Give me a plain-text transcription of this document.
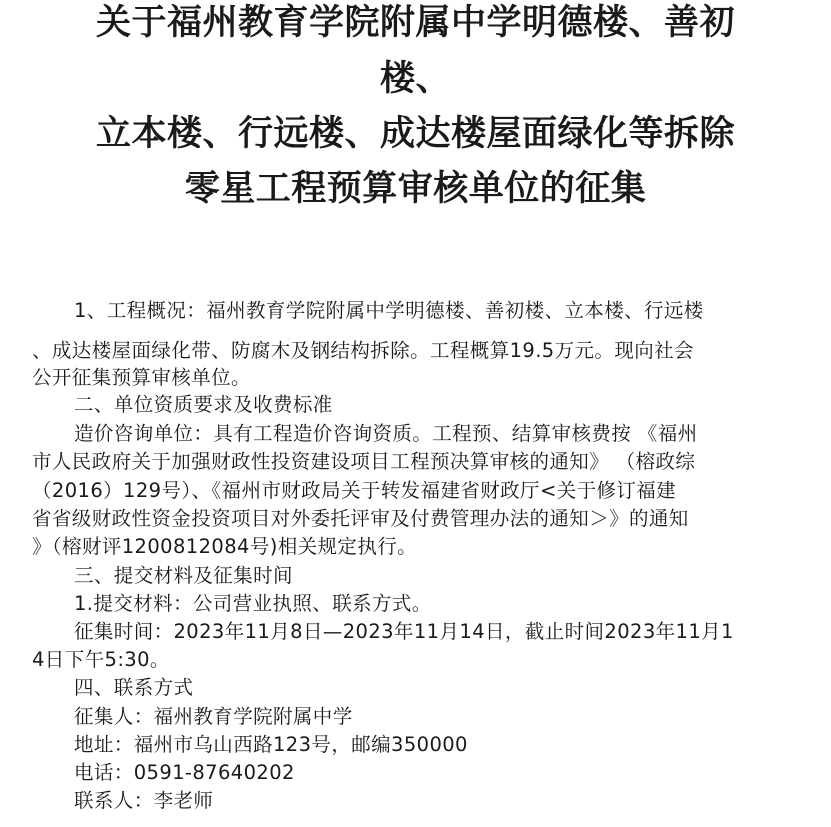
关于福州教育学院附属中学明德楼、善初
楼、
立本楼、行远楼、成达楼屋面绿化等拆除
零星工程预算审核单位的征集
1、工程概况：福州教育学院附属中学明德楼、善初楼、立本楼、行远楼
、成达楼屋面绿化带、防腐木及钢结构拆除。工程概算19.5万元。现向社会
公开征集预算审核单位。
二、单位资质要求及收费标准
造价咨询单位：具有工程造价咨询资质。工程预、结算审核费按 《福州
市人民政府关于加强财政性投资建设项目工程预决算审核的通知》 （榕政综
（2016）129号）、《福州市财政局关于转发福建省财政厅<关于修订福建
省省级财政性资金投资项目对外委托评审及付费管理办法的通知＞》的通知
》（榕财评1200812084号)相关规定执行。
三、提交材料及征集时间
1.提交材料：公司营业执照、联系方式。
征集时间：2023年11月8日—2023年11月14日，截止时间2023年11月1
4日下午5:30。
四、联系方式
征集人：福州教育学院附属中学
地址：福州市乌山西路123号，邮编350000
电话：0591-87640202
联系人：李老师
